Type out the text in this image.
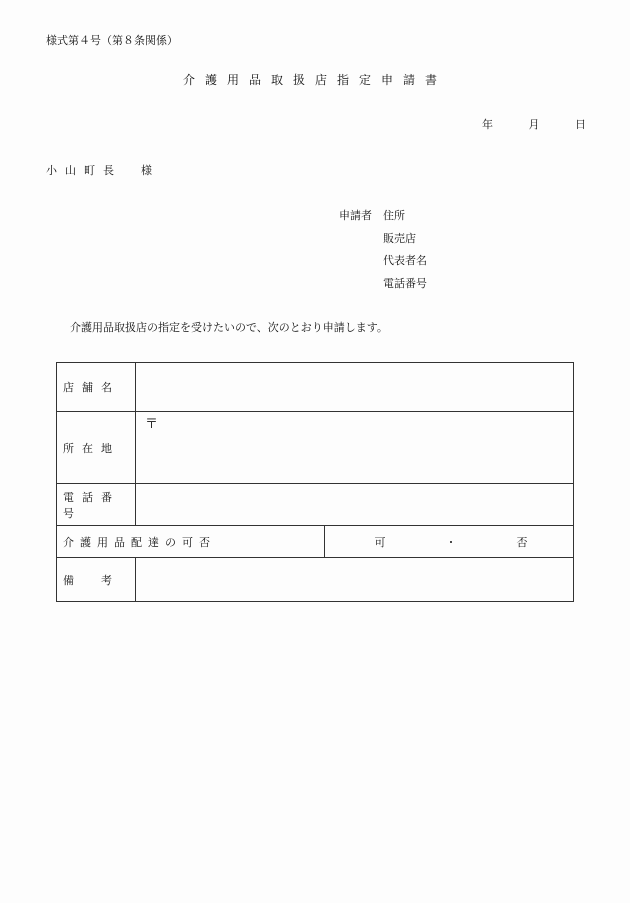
様式第４号（第８条関係）
介護用品取扱店指定申請書
年	月	日
小山町長　様
申請者 住所
販売店
代表者名
電話番号
介護用品取扱店の指定を受けたいので、次のとおり申請します。
店舗名		
所在地	〒	
電話番号		
介護用品配達の可否		可 ・ 否
備　考		
